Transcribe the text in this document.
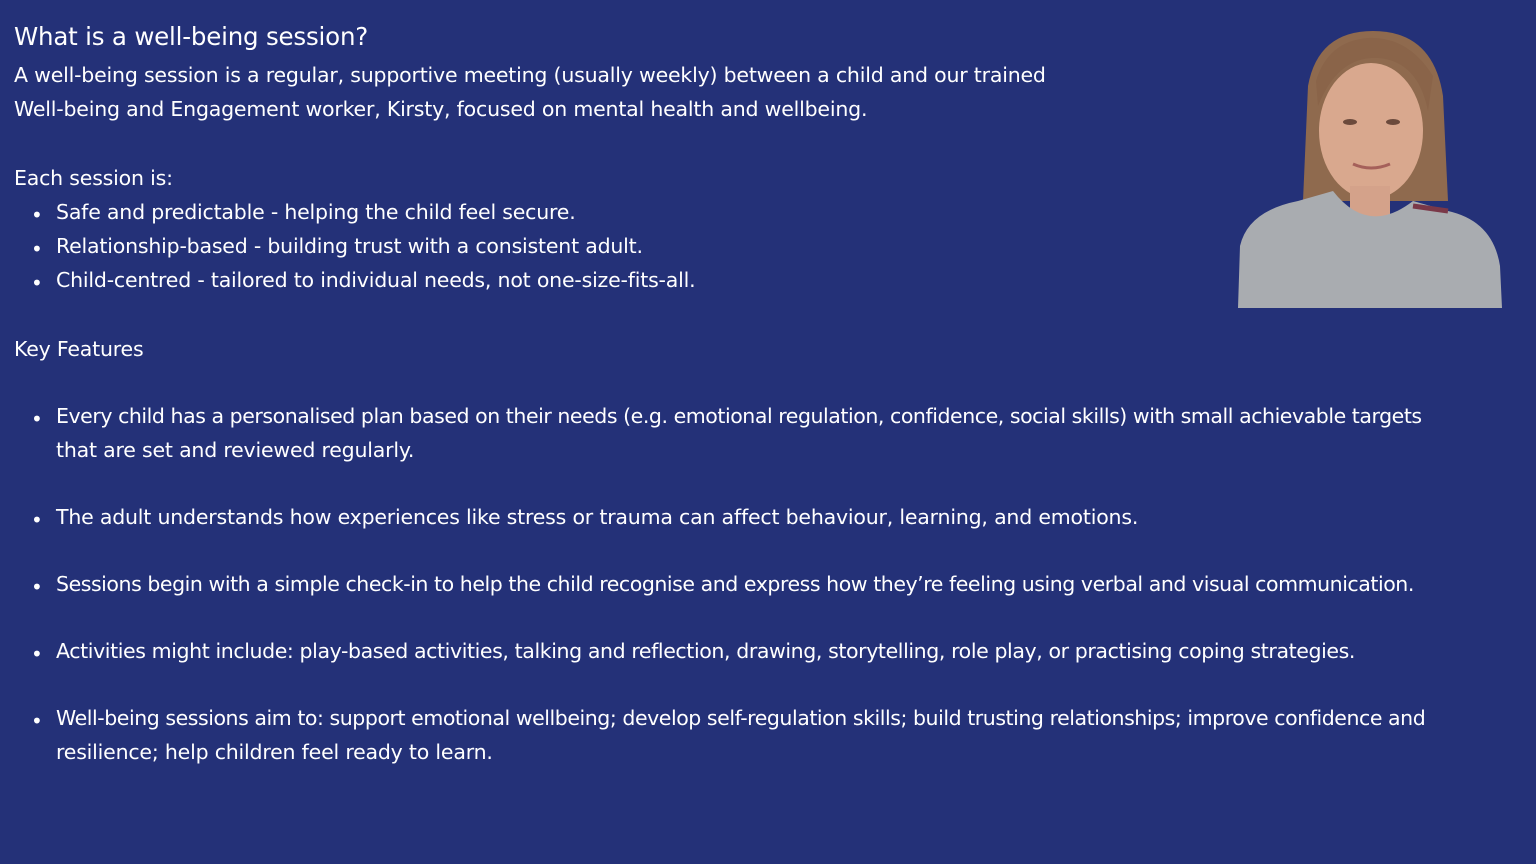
What is a well-being session?
A well-being session is a regular, supportive meeting (usually weekly) between a child and our trained
Well-being and Engagement worker, Kirsty, focused on mental health and wellbeing.
Each session is:
• Safe and predictable - helping the child feel secure.
• Relationship-based - building trust with a consistent adult.
• Child-centred - tailored to individual needs, not one-size-fits-all.
Key Features
• Every child has a personalised plan based on their needs (e.g. emotional regulation, confidence, social skills) with small achievable targets
that are set and reviewed regularly.
• The adult understands how experiences like stress or trauma can affect behaviour, learning, and emotions.
• Sessions begin with a simple check-in to help the child recognise and express how they’re feeling using verbal and visual communication.
• Activities might include: play-based activities, talking and reflection, drawing, storytelling, role play, or practising coping strategies.
• Well-being sessions aim to: support emotional wellbeing; develop self-regulation skills; build trusting relationships; improve confidence and
resilience; help children feel ready to learn.
